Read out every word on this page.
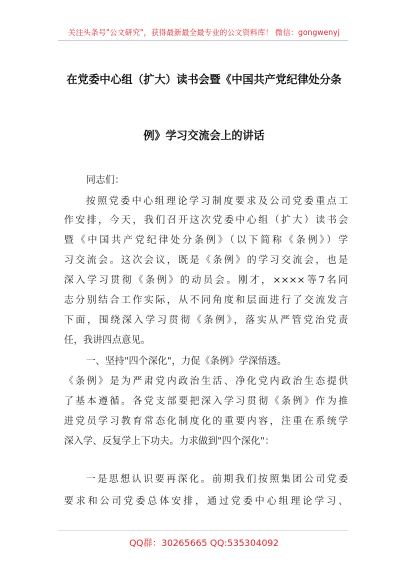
关注头条号"公文研究"，获得最新最全最专业的公文资料库！ 微信：gongwenyj
在党委中心组（扩大）读书会暨《中国共产党纪律处分条
例》学习交流会上的讲话
同志们：
按照党委中心组理论学习制度要求及公司党委重点工
作安排，今天，我们召开这次党委中心组（扩大）读书会
暨《中国共产党纪律处分条例》（以下简称《条例》）学
习交流会。这次会议，既是《条例》的学习交流会，也是
深入学习贯彻《条例》的动员会。刚才，××××等7名同
志分别结合工作实际，从不同角度和层面进行了交流发言
下面，围绕深入学习贯彻《条例》，落实从严管党治党责
任，我讲四点意见。
一、坚持"四个深化"，力促《条例》学深悟透。
《条例》是为严肃党内政治生活、净化党内政治生态提供
了基本遵循。各党支部要把深入学习贯彻《条例》作为推
进党员学习教育常态化制度化的重要内容，注重在系统学
深入学、反复学上下功夫。力求做到"四个深化"：
一是思想认识要再深化。前期我们按照集团公司党委
要求和公司党委总体安排，通过党委中心组理论学习、
QQ群：30265665 QQ:535304092
